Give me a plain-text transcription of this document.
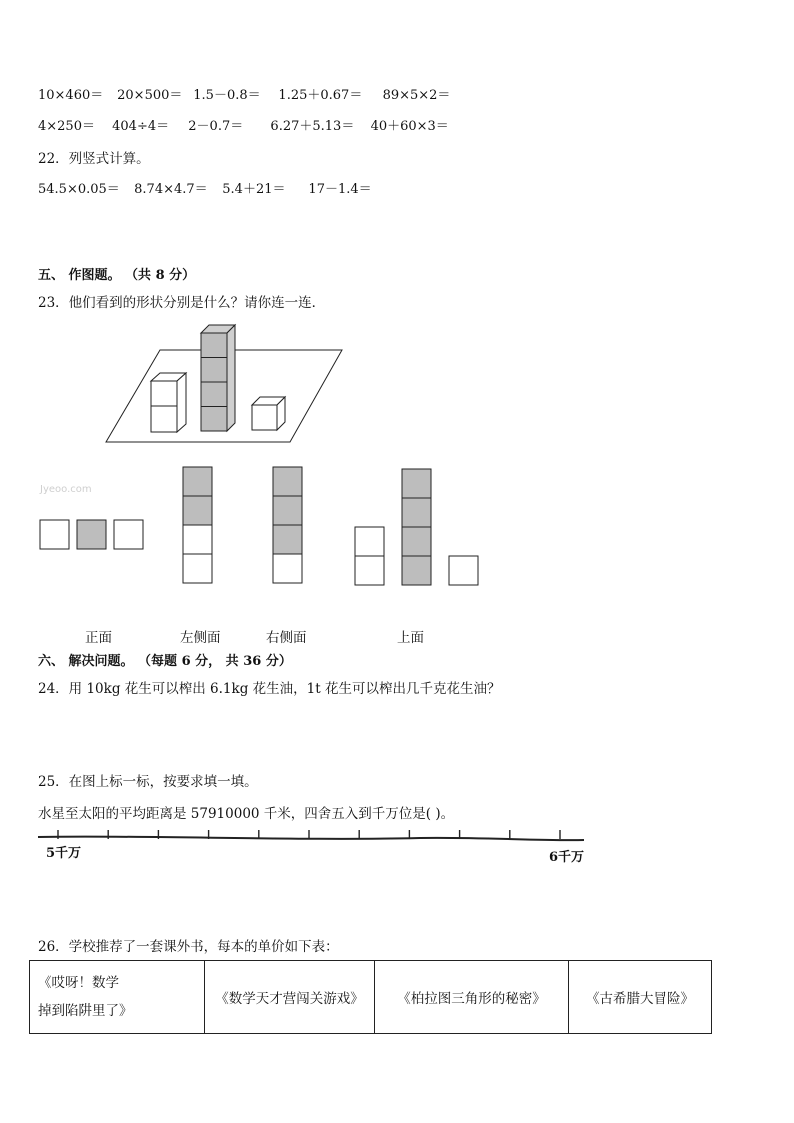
10×460＝ 20×500＝ 1.5－0.8＝ 1.25＋0.67＝ 89×5×2＝
4×250＝ 404÷4＝ 2－0.7＝ 6.27＋5.13＝ 40＋60×3＝
22．列竖式计算。
54.5×0.05＝ 8.74×4.7＝ 5.4＋21＝ 17－1.4＝
五、 作图题。 （共 8 分）
23．他们看到的形状分别是什么？请你连一连．
Jyeoo.com
正面	左侧面	右侧面	上面
六、 解决问题。 （每题 6 分， 共 36 分）
24．用 10kg 花生可以榨出 6.1kg 花生油，1t 花生可以榨出几千克花生油？
25．在图上标一标，按要求填一填。
水星至太阳的平均距离是 57910000 千米，四舍五入到千万位是( )。
5千万	6千万
26．学校推荐了一套课外书，每本的单价如下表：
《哎呀！数学
掉到陷阱里了》
	《数学天才营闯关游戏》	《柏拉图三角形的秘密》	《古希腊大冒险》
